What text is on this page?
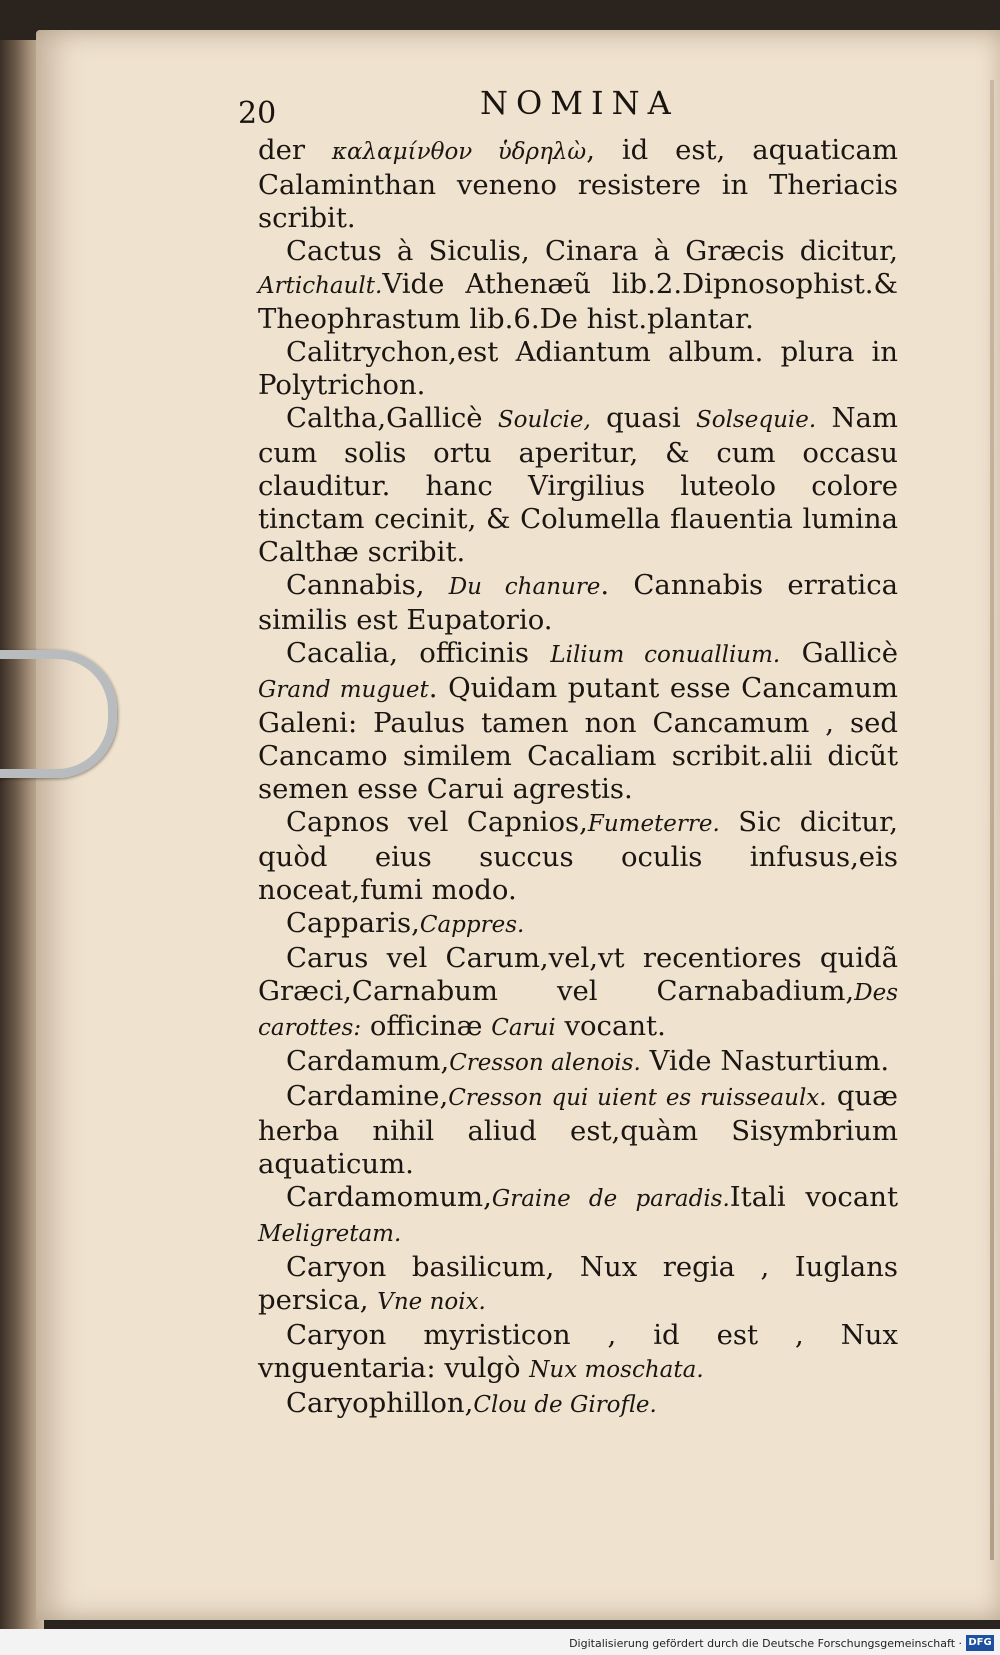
20	NOMINA

der καλαμίνθον ὑδρηλὼ, id est, aquaticam Calaminthan veneno resistere in Theriacis scribit.

Cactus à Siculis, Cinara à Græcis dicitur, Artichault.Vide Athenæũ lib.2.Dipnosophist.& Theophrastum lib.6.De hist.plantar.

Calitrychon,est Adiantum album. plura in Polytrichon.

Caltha,Gallicè Soulcie, quasi Solsequie. Nam cum solis ortu aperitur, & cum occasu clauditur. hanc Virgilius luteolo colore tinctam cecinit, & Columella flauentia lumina Calthæ scribit.

Cannabis, Du chanure. Cannabis erratica similis est Eupatorio.

Cacalia, officinis Lilium conuallium. Gallicè Grand muguet. Quidam putant esse Cancamum Galeni: Paulus tamen non Cancamum , sed Cancamo similem Cacaliam scribit.alii dicũt semen esse Carui agrestis.

Capnos vel Capnios,Fumeterre. Sic dicitur, quòd eius succus oculis infusus,eis noceat,fumi modo.

Capparis,Cappres.

Carus vel Carum,vel,vt recentiores quidã Græci,Carnabum vel Carnabadium,Des carottes: officinæ Carui vocant.

Cardamum,Cresson alenois. Vide Nasturtium.

Cardamine,Cresson qui uient es ruisseaulx. quæ herba nihil aliud est,quàm Sisymbrium aquaticum.

Cardamomum,Graine de paradis.Itali vocant Meligretam.

Caryon basilicum, Nux regia , Iuglans persica, Vne noix.

Caryon myristicon , id est , Nux vnguentaria: vulgò Nux moschata.

Caryophillon,Clou de Girofle.

Digitalisierung gefördert durch die Deutsche Forschungsgemeinschaft · DFG
